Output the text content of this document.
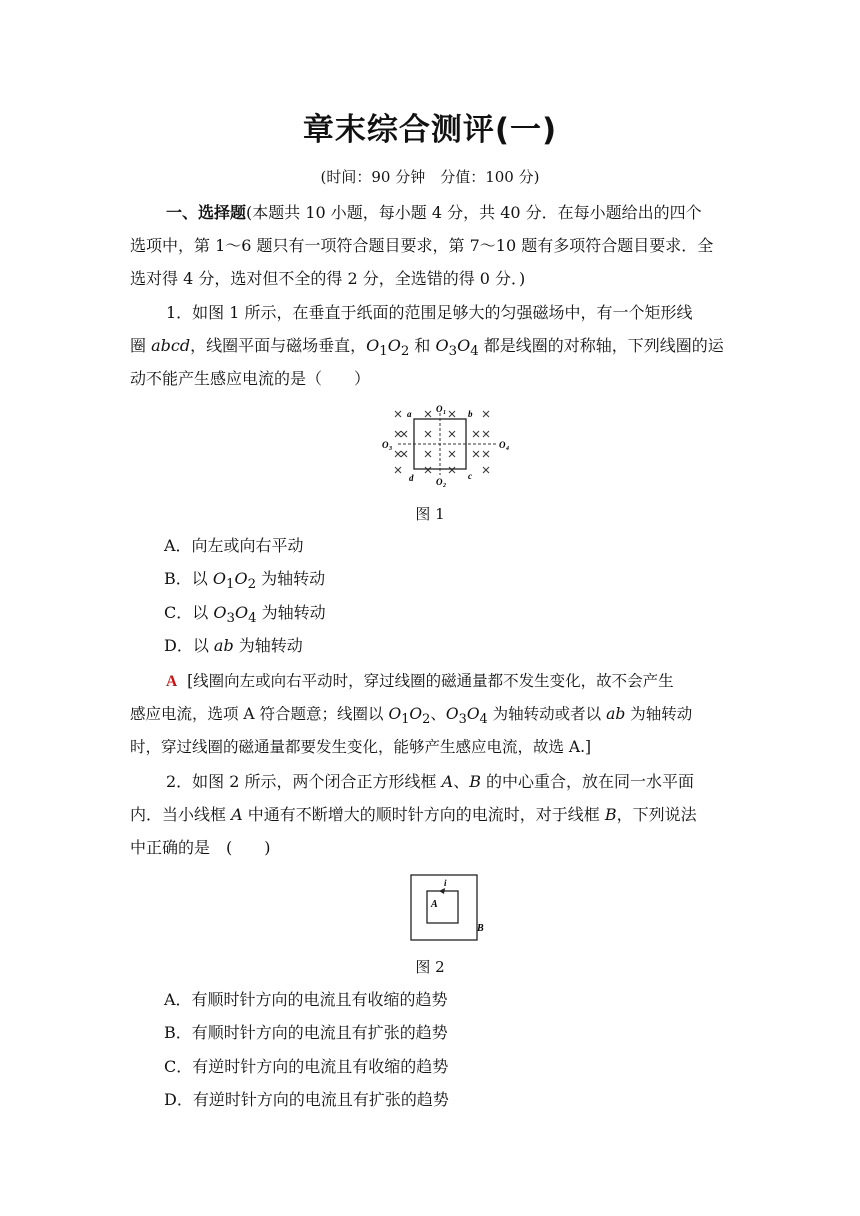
章末综合测评(一)
(时间：90 分钟　分值：100 分)
一、选择题(本题共 10 小题，每小题 4 分，共 40 分．在每小题给出的四个
选项中，第 1～6 题只有一项符合题目要求，第 7～10 题有多项符合题目要求．全
选对得 4 分，选对但不全的得 2 分，全选错的得 0 分．)
1．如图 1 所示，在垂直于纸面的范围足够大的匀强磁场中，有一个矩形线
圈 abcd，线圈平面与磁场垂直，$O_1O_2$ 和 $O_3O_4$ 都是线圈的对称轴，下列线圈的运
动不能产生感应电流的是（　　）
a	b
c
d
O 1
O 2
O 3	O 4
图 1
A．向左或向右平动
B．以 $O_1O_2$ 为轴转动
C．以 $O_3O_4$ 为轴转动
D．以 ab 为轴转动
A [线圈向左或向右平动时，穿过线圈的磁通量都不发生变化，故不会产生
感应电流，选项 A 符合题意；线圈以 $O_1O_2$、$O_3O_4$ 为轴转动或者以 ab 为轴转动
时，穿过线圈的磁通量都要发生变化，能够产生感应电流，故选 A.]
2．如图 2 所示，两个闭合正方形线框 A、B 的中心重合，放在同一水平面
内．当小线框 A 中通有不断增大的顺时针方向的电流时，对于线框 B，下列说法
中正确的是　(　　)
i
A
B
图 2
A．有顺时针方向的电流且有收缩的趋势
B．有顺时针方向的电流且有扩张的趋势
C．有逆时针方向的电流且有收缩的趋势
D．有逆时针方向的电流且有扩张的趋势
